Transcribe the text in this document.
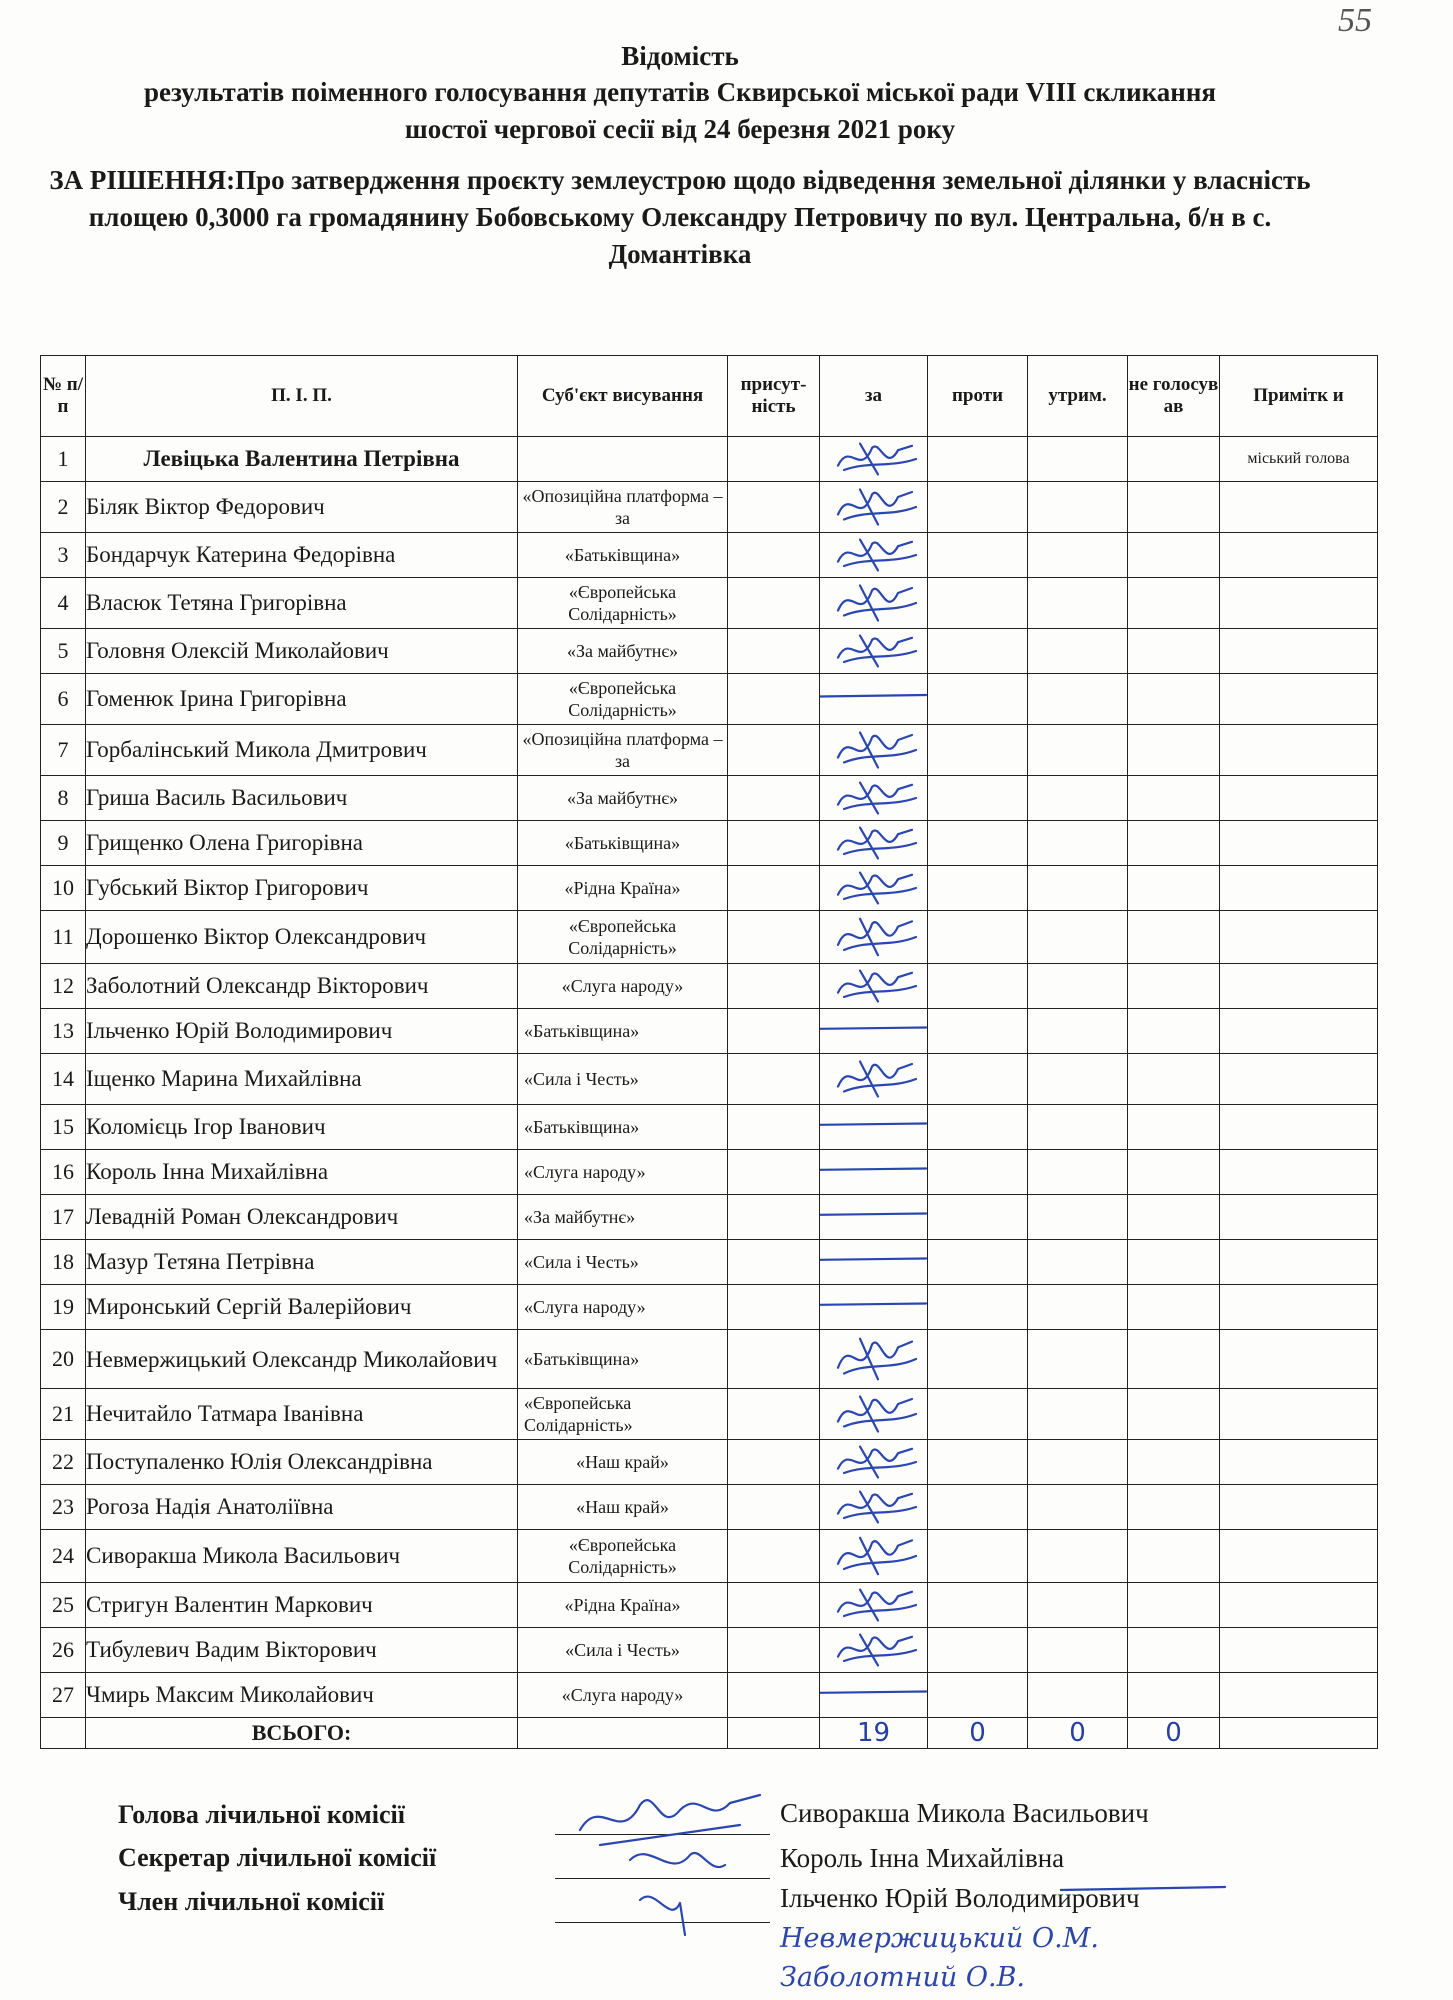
55
Відомість
результатів поіменного голосування депутатів Сквирської міської ради VIII скликання
шостої чергової сесії від 24 березня 2021 року
ЗА РІШЕННЯ:Про затвердження проєкту землеустрою щодо відведення земельної ділянки у власність площею 0,3000 га громадянину Бобовському Олександру Петровичу по вул. Центральна, б/н в с. Домантівка
№ п/п	П. І. П.	Суб'єкт висування	присут-ність	за	проти	утрим.	не голосув ав	Примітк и
1	Левіцька Валентина Петрівна							міський голова
2	Біляк Віктор Федорович	«Опозиційна платформа – за		

3	Бондарчук Катерина Федорівна	«Батьківщина»		

4	Власюк Тетяна Григорівна	«Європейська Солідарність»		

5	Головня Олексій Миколайович	«За майбутнє»		

6	Гоменюк Ірина Григорівна	«Європейська Солідарність»		

7	Горбалінський Микола Дмитрович	«Опозиційна платформа – за		

8	Гриша Василь Васильович	«За майбутнє»		

9	Грищенко Олена Григорівна	«Батьківщина»		

10	Губський Віктор Григорович	«Рідна Країна»		

11	Дорошенко Віктор Олександрович	«Європейська Солідарність»		

12	Заболотний Олександр Вікторович	«Слуга народу»		

13	Ільченко Юрій Володимирович	«Батьківщина»		

14	Іщенко Марина Михайлівна	«Сила і Честь»		

15	Коломієць Ігор Іванович	«Батьківщина»		

16	Король Інна Михайлівна	«Слуга народу»		

17	Левадній Роман Олександрович	«За майбутнє»		

18	Мазур Тетяна Петрівна	«Сила і Честь»		

19	Миронський Сергій Валерійович	«Слуга народу»		

20	Невмержицький Олександр Миколайович	«Батьківщина»		

21	Нечитайло Татмара Іванівна	«Європейська Солідарність»		

22	Поступаленко Юлія Олександрівна	«Наш край»		

23	Рогоза Надія Анатоліївна	«Наш край»		

24	Сиворакша Микола Васильович	«Європейська Солідарність»		

25	Стригун Валентин Маркович	«Рідна Країна»		

26	Тибулевич Вадим Вікторович	«Сила і Честь»		

27	Чмирь Максим Миколайович	«Слуга народу»		

	ВСЬОГО:			19	0	0	0	

Голова лічильної комісії	Сиворакша Микола Васильович
Секретар лічильної комісії	Король Інна Михайлівна
Член лічильної комісії	Ільченко Юрій Володимирович
Невмержицький О.М.
Заболотний О.В.
